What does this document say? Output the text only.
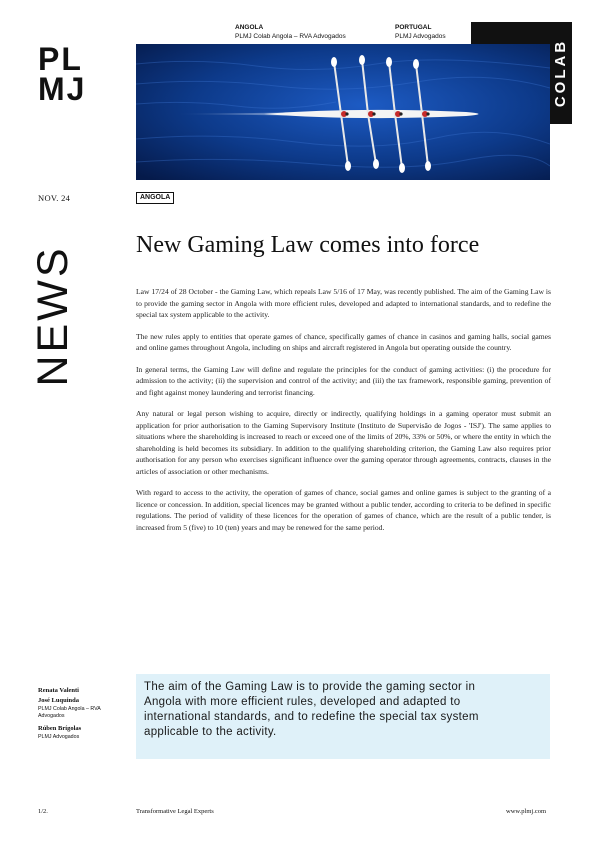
PL
MJ
ANGOLA
PLMJ Colab Angola – RVA Advogados
PORTUGAL
PLMJ Advogados
COLAB
NOV. 24	ANGOLA
NEWS
New Gaming Law comes into force

Law 17/24 of 28 October - the Gaming Law, which repeals Law 5/16 of 17 May, was recently published. The aim of the Gaming Law is to provide the gaming sector in Angola with more efficient rules, developed and adapted to international standards, and to redefine the special tax system applicable to the activity.

The new rules apply to entities that operate games of chance, specifically games of chance in casinos and gaming halls, social games and online games throughout Angola, including on ships and aircraft registered in Angola but operating outside the country.

In general terms, the Gaming Law will define and regulate the principles for the conduct of gaming activities: (i) the procedure for admission to the activity; (ii) the supervision and control of the activity; and (iii) the tax framework, responsible gaming, prevention of and fight against money laundering and terrorist financing.

Any natural or legal person wishing to acquire, directly or indirectly, qualifying holdings in a gaming operator must submit an application for prior authorisation to the Gaming Supervisory Institute (Instituto de Supervisão de Jogos - 'ISJ'). The same applies to situations where the shareholding is increased to reach or exceed one of the limits of 20%, 33% or 50%, or where the entity in which the shareholding is held becomes its subsidiary. In addition to the qualifying shareholding criterion, the Gaming Law also requires prior authorisation for any person who exercises significant influence over the gaming operator through agreements, contracts, clauses in the articles of association or other mechanisms.

With regard to access to the activity, the operation of games of chance, social games and online games is subject to the granting of a licence or concession. In addition, special licences may be granted without a public tender, according to criteria to be defined in specific regulations. The period of validity of these licences for the operation of games of chance, which are the result of a public tender, is increased from 5 (five) to 10 (ten) years and may be renewed for the same period.

Renata Valenti
José Luquinda
PLMJ Colab Angola – RVA Advogados
Rúben Brígolas
PLMJ Advogados
The aim of the Gaming Law is to provide the gaming sector in Angola with more efficient rules, developed and adapted to international standards, and to redefine the special tax system applicable to the activity.
1/2.	Transformative Legal Experts	www.plmj.com
